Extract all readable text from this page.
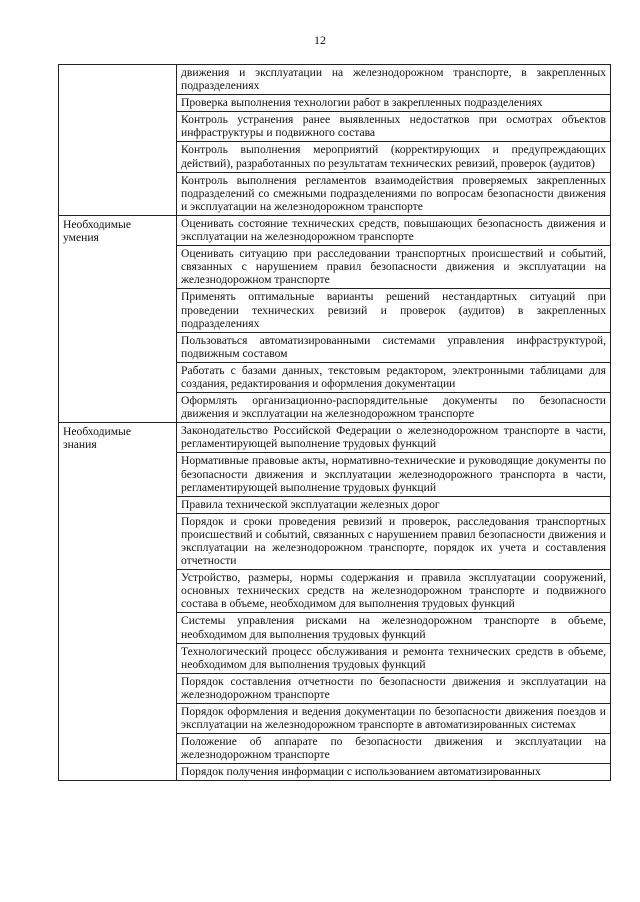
12

	движения и эксплуатации на железнодорожном транспорте, в закрепленных подразделениях

	Проверка выполнения технологии работ в закрепленных подразделениях

	Контроль устранения ранее выявленных недостатков при осмотрах объектов инфраструктуры и подвижного состава

	Контроль выполнения мероприятий (корректирующих и предупреждающих действий), разработанных по результатам технических ревизий, проверок (аудитов)

	Контроль выполнения регламентов взаимодействия проверяемых закрепленных подразделений со смежными подразделениями по вопросам безопасности движения и эксплуатации на железнодорожном транспорте

Необходимые
умения	Оценивать состояние технических средств, повышающих безопасность движения и эксплуатации на железнодорожном транспорте

	Оценивать ситуацию при расследовании транспортных происшествий и событий, связанных с нарушением правил безопасности движения и эксплуатации на железнодорожном транспорте

	Применять оптимальные варианты решений нестандартных ситуаций при проведении технических ревизий и проверок (аудитов) в закрепленных подразделениях

	Пользоваться автоматизированными системами управления инфраструктурой, подвижным составом

	Работать с базами данных, текстовым редактором, электронными таблицами для создания, редактирования и оформления документации

	Оформлять организационно-распорядительные документы по безопасности движения и эксплуатации на железнодорожном транспорте

Необходимые
знания	Законодательство Российской Федерации о железнодорожном транспорте в части, регламентирующей выполнение трудовых функций

	Нормативные правовые акты, нормативно-технические и руководящие документы по безопасности движения и эксплуатации железнодорожного транспорта в части, регламентирующей выполнение трудовых функций

	Правила технической эксплуатации железных дорог

	Порядок и сроки проведения ревизий и проверок, расследования транспортных происшествий и событий, связанных с нарушением правил безопасности движения и эксплуатации на железнодорожном транспорте, порядок их учета и составления отчетности

	Устройство, размеры, нормы содержания и правила эксплуатации сооружений, основных технических средств на железнодорожном транспорте и подвижного состава в объеме, необходимом для выполнения трудовых функций

	Системы управления рисками на железнодорожном транспорте в объеме, необходимом для выполнения трудовых функций

	Технологический процесс обслуживания и ремонта технических средств в объеме, необходимом для выполнения трудовых функций

	Порядок составления отчетности по безопасности движения и эксплуатации на железнодорожном транспорте

	Порядок оформления и ведения документации по безопасности движения поездов и эксплуатации на железнодорожном транспорте в автоматизированных системах

	Положение об аппарате по безопасности движения и эксплуатации на железнодорожном транспорте

	Порядок получения информации с использованием автоматизированных
